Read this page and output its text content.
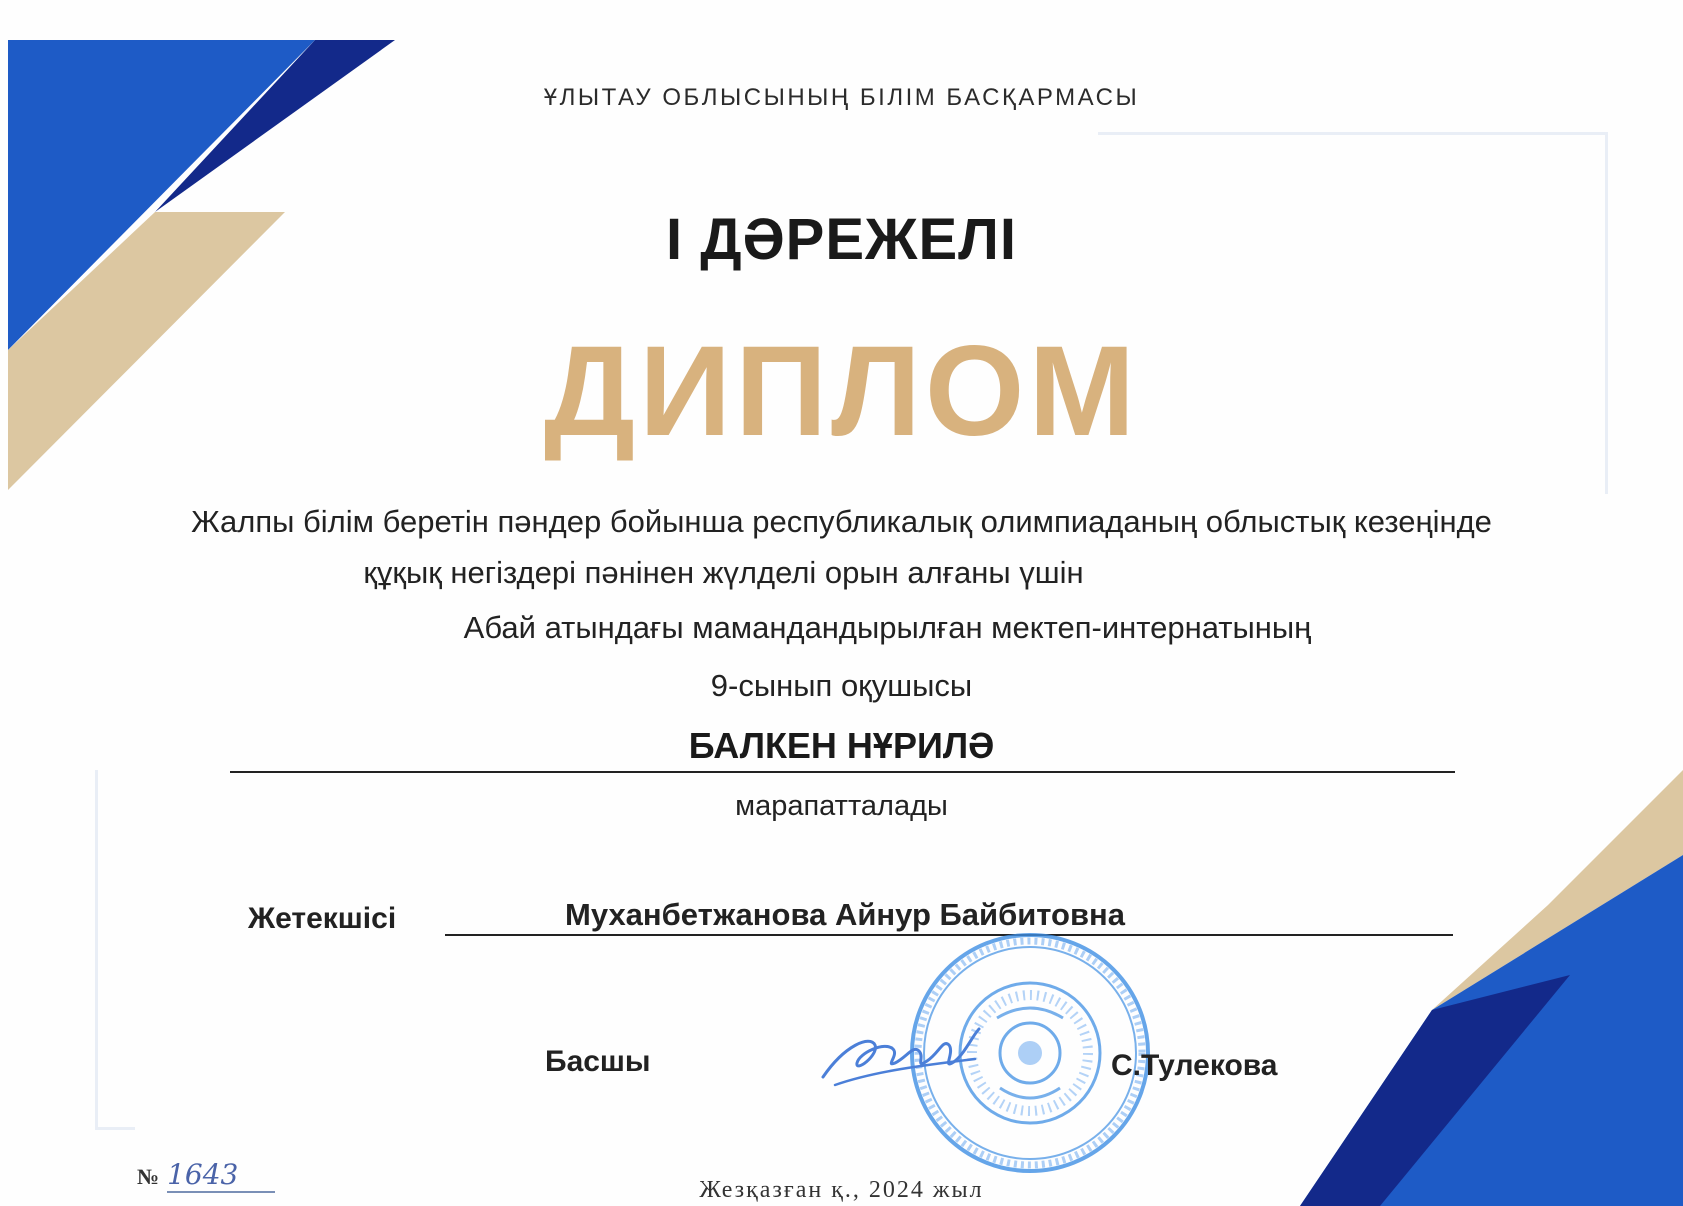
ҰЛЫТАУ ОБЛЫСЫНЫҢ БІЛІМ БАСҚАРМАСЫ
І ДӘРЕЖЕЛІ
ДИПЛОМ
Жалпы білім беретін пәндер бойынша республикалық олимпиаданың облыстық кезеңінде
құқық негіздері пәнінен жүлделі орын алғаны үшін
Абай атындағы мамандандырылған мектеп-интернатының
9-сынып оқушысы
БАЛКЕН НҰРИЛӘ
марапатталады
Жетекшісі	Муханбетжанова Айнур Байбитовна
Басшы	С.Тулекова
№ 1643	Жезқазған қ., 2024 жыл
